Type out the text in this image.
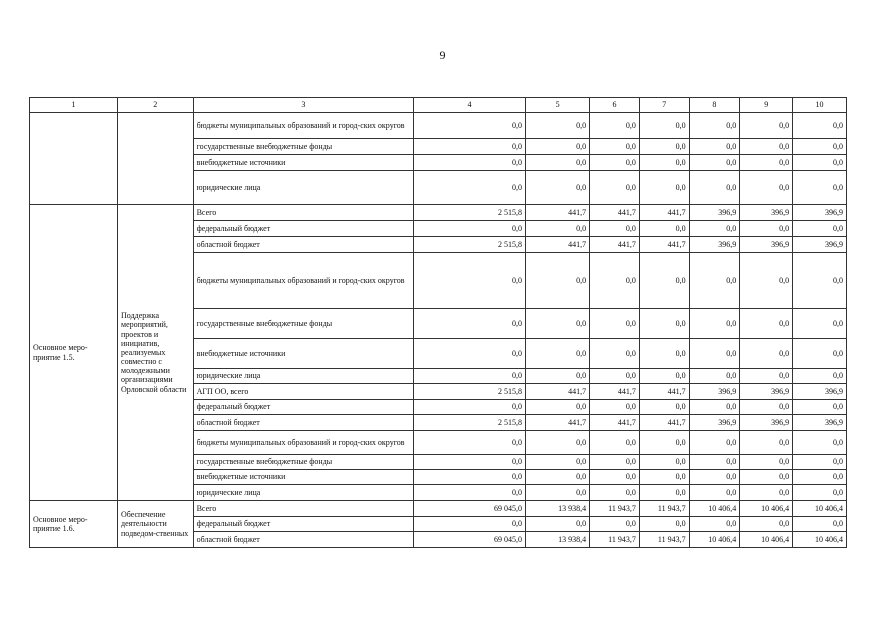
9
1	2	3	4	5	6	7	8	9	10
		бюджеты муниципальных образований и город-ских округов	0,0	0,0	0,0	0,0	0,0	0,0	0,0
		государственные внебюджетные фонды	0,0	0,0	0,0	0,0	0,0	0,0	0,0
		внебюджетные источники	0,0	0,0	0,0	0,0	0,0	0,0	0,0
		юридические лица	0,0	0,0	0,0	0,0	0,0	0,0	0,0
Основное меро-приятие 1.5.	Поддержка мероприятий, проектов и инициатив, реализуемых совместно с молодежными организациями Орловской области	Всего	2 515,8	441,7	441,7	441,7	396,9	396,9	396,9
		федеральный бюджет	0,0	0,0	0,0	0,0	0,0	0,0	0,0
		областной бюджет	2 515,8	441,7	441,7	441,7	396,9	396,9	396,9
		бюджеты муниципальных образований и город-ских округов	0,0	0,0	0,0	0,0	0,0	0,0	0,0
		государственные внебюджетные фонды	0,0	0,0	0,0	0,0	0,0	0,0	0,0
		внебюджетные источники	0,0	0,0	0,0	0,0	0,0	0,0	0,0
		юридические лица	0,0	0,0	0,0	0,0	0,0	0,0	0,0
		АГП ОО, всего	2 515,8	441,7	441,7	441,7	396,9	396,9	396,9
		федеральный бюджет	0,0	0,0	0,0	0,0	0,0	0,0	0,0
		областной бюджет	2 515,8	441,7	441,7	441,7	396,9	396,9	396,9
		бюджеты муниципальных образований и город-ских округов	0,0	0,0	0,0	0,0	0,0	0,0	0,0
		государственные внебюджетные фонды	0,0	0,0	0,0	0,0	0,0	0,0	0,0
		внебюджетные источники	0,0	0,0	0,0	0,0	0,0	0,0	0,0
		юридические лица	0,0	0,0	0,0	0,0	0,0	0,0	0,0
Основное меро-приятие 1.6.	Обеспечение деятельности подведом-ственных	Всего	69 045,0	13 938,4	11 943,7	11 943,7	10 406,4	10 406,4	10 406,4
		федеральный бюджет	0,0	0,0	0,0	0,0	0,0	0,0	0,0
		областной бюджет	69 045,0	13 938,4	11 943,7	11 943,7	10 406,4	10 406,4	10 406,4
